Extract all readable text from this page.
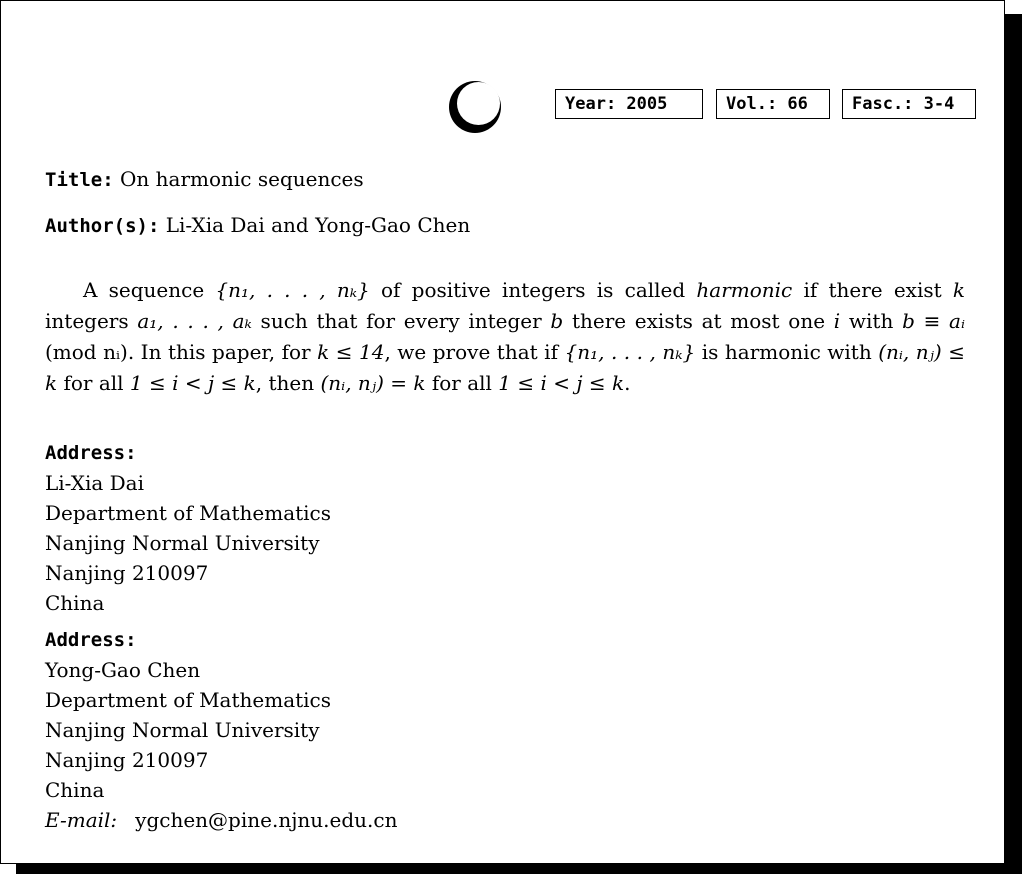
Year: 2005	Vol.: 66	Fasc.: 3-4
Title: On harmonic sequences
Author(s): Li-Xia Dai and Yong-Gao Chen
A sequence {n₁, . . . , nₖ} of positive integers is called harmonic if there exist k integers a₁, . . . , aₖ such that for every integer b there exists at most one i with b ≡ aᵢ (mod nᵢ). In this paper, for k ≤ 14, we prove that if {n₁, . . . , nₖ} is harmonic with (nᵢ, nⱼ) ≤ k for all 1 ≤ i < j ≤ k, then (nᵢ, nⱼ) = k for all 1 ≤ i < j ≤ k.
Address:
Li-Xia Dai
Department of Mathematics
Nanjing Normal University
Nanjing 210097
China
Address:
Yong-Gao Chen
Department of Mathematics
Nanjing Normal University
Nanjing 210097
China
E-mail: ygchen@pine.njnu.edu.cn
